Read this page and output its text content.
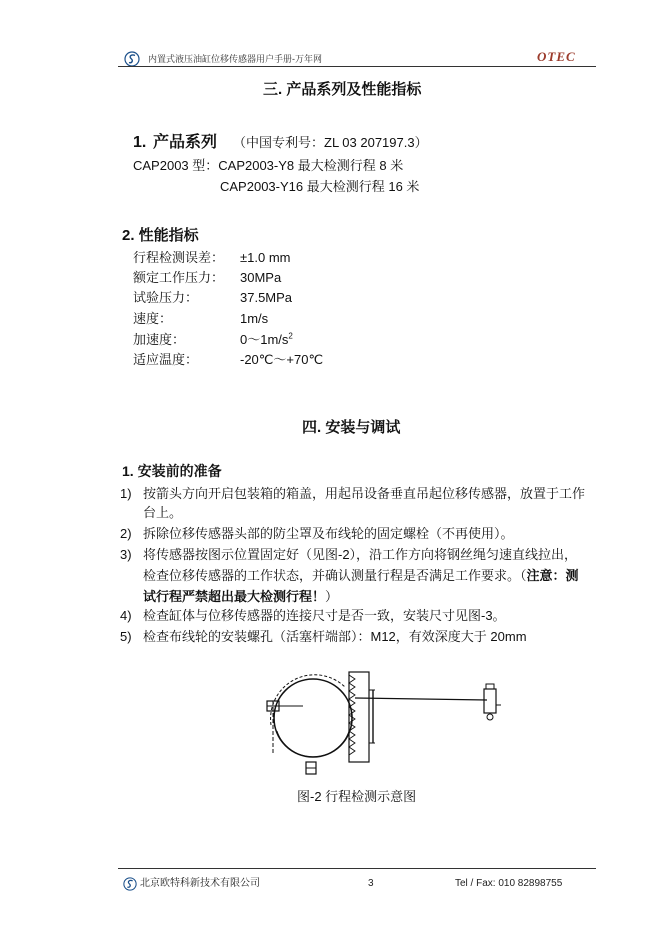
内置式液压油缸位移传感器用户手册-万年网	OTEC
三. 产品系列及性能指标
1. 产品系列 （中国专利号：ZL 03 207197.3）
CAP2003 型：CAP2003-Y8 最大检测行程 8 米
CAP2003-Y16 最大检测行程 16 米
2. 性能指标
行程检测误差： ±1.0 mm
额定工作压力： 30MPa
试验压力：	37.5MPa
速度：	1m/s
加速度：	$0\sim 1m/s^2$
适应温度：	-20℃～+70℃
四. 安装与调试
1. 安装前的准备
1) 按箭头方向开启包装箱的箱盖，用起吊设备垂直吊起位移传感器，放置于工作
台上。
2) 拆除位移传感器头部的防尘罩及布线轮的固定螺栓（不再使用）。
3) 将传感器按图示位置固定好（见图-2），沿工作方向将钢丝绳匀速直线拉出，
检查位移传感器的工作状态，并确认测量行程是否满足工作要求。（注意：测
试行程严禁超出最大检测行程！）
4) 检查缸体与位移传感器的连接尺寸是否一致，安装尺寸见图-3。
5) 检查布线轮的安装螺孔（活塞杆端部）：M12，有效深度大于 20mm
图-2 行程检测示意图
北京欧特科新技术有限公司	3	Tel / Fax: 010 82898755
